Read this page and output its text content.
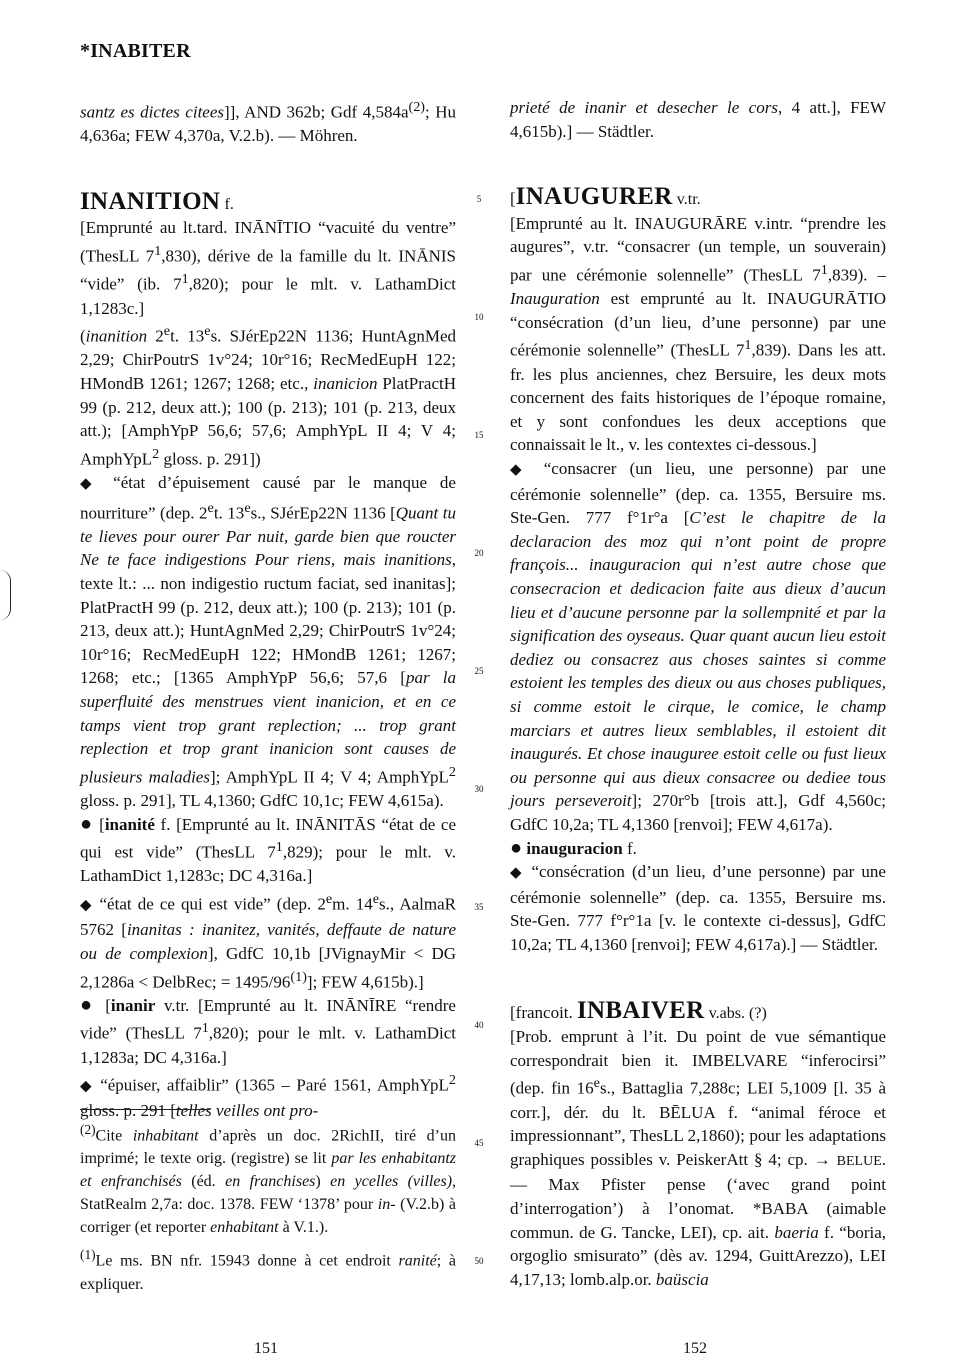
*INABITER

santz es dictes citees]], AND 362b; Gdf $4,584a^{(2)}$; Hu 4,636a; FEW 4,370a, V.2.b). — Möhren.

INANITION f.

[Emprunté au lt.tard. INĀNĪTIO “vacuité du ventre” (ThesLL $7^1,830$), dérive de la famille du lt. INĀNIS “vide” (ib. $7^1,820$); pour le mlt. v. LathamDict 1,1283c.]

(inanition 2et. 13es. SJérEp22N 1136; HuntAgnMed 2,29; ChirPoutrS 1v°24; 10r°16; RecMedEupH 122; HMondB 1261; 1267; 1268; etc., inanicion PlatPractH 99 (p. 212, deux att.); 100 (p. 213); 101 (p. 213, deux att.); [AmphYpP 56,6; 57,6; AmphYpL II 4; V 4; AmphYpL$^2$ gloss. p. 291])

◆ “état d’épuisement causé par le manque de nourriture” (dep. 2et. 13es., SJérEp22N 1136 [Quant tu te lieves pour ourer Par nuit, garde bien que roucter Ne te face indigestions Pour riens, mais inanitions, texte lt.: ... non indigestio ructum faciat, sed inanitas]; PlatPractH 99 (p. 212, deux att.); 100 (p. 213); 101 (p. 213, deux att.); HuntAgnMed 2,29; ChirPoutrS 1v°24; 10r°16; RecMedEupH 122; HMondB 1261; 1267; 1268; etc.; [1365 AmphYpP 56,6; 57,6 [par la superfluité des menstrues vient inanicion, et en ce tamps vient trop grant replection; ... trop grant replection et trop grant inanicion sont causes de plusieurs maladies]; AmphYpL II 4; V 4; AmphYpL$^2$ gloss. p. 291], TL 4,1360; GdfC 10,1c; FEW 4,615a).

● [inanité f. [Emprunté au lt. INĀNITĀS “état de ce qui est vide” (ThesLL $7^1,829$); pour le mlt. v. LathamDict 1,1283c; DC 4,316a.]

◆ “état de ce qui est vide” (dep. 2em. 14es., AalmaR 5762 [inanitas : inanitez, vanités, deffaute de nature ou de complexion], GdfC 10,1b [JVignayMir < DG 2,1286a < DelbRec; = $1495/96^{(1)}$]; FEW 4,615b).]

● [inanir v.tr. [Emprunté au lt. INĀNĪRE “rendre vide” (ThesLL $7^1,820$); pour le mlt. v. LathamDict 1,1283a; DC 4,316a.]

◆ “épuiser, affaiblir” (1365 – Paré 1561, AmphYpL$^2$ gloss. p. 291 [telles veilles ont pro-

$^{(2)}$Cite inhabitant d’après un doc. 2RichII, tiré d’un imprimé; le texte orig. (registre) se lit par les enhabitantz et enfranchisés (éd. en franchises) en ycelles (villes), StatRealm 2,7a: doc. 1378. FEW ‘1378’ pour in- (V.2.b) à corriger (et reporter enhabitant à V.1.).

$^{(1)}$Le ms. BN nfr. 15943 donne à cet endroit ranité; à expliquer.

prieté de inanir et desecher le cors, 4 att.], FEW 4,615b).] — Städtler.

[INAUGURER v.tr.

[Emprunté au lt. INAUGURĀRE v.intr. “prendre les augures”, v.tr. “consacrer (un temple, un souverain) par une cérémonie solennelle” (ThesLL $7^1,839$). – Inauguration est emprunté au lt. INAUGURĀTIO “consécration (d’un lieu, d’une personne) par une cérémonie solennelle” (ThesLL $7^1,839$). Dans les att. fr. les plus anciennes, chez Bersuire, les deux mots concernent des faits historiques de l’époque romaine, et y sont confondues les deux acceptions que connaissait le lt., v. les contextes ci-dessous.]

◆ “consacrer (un lieu, une personne) par une cérémonie solennelle” (dep. ca. 1355, Bersuire ms. Ste-Gen. 777 f°1r°a [C’est le chapitre de la declaracion des moz qui n’ont point de propre françois... inauguracion qui n’est autre chose que consecracion et dedicacion faite aus dieux d’aucun lieu et d’aucune personne par la sollempnité et par la signification des oyseaus. Quar quant aucun lieu estoit dediez ou consacrez aus choses saintes si comme estoient les temples des dieux ou aus choses publiques, si comme estoit le cirque, le comice, le champ marciars et autres lieux semblables, il estoient dit inaugurés. Et chose inauguree estoit celle ou fust lieux ou personne qui aus dieux consacree ou dediee tous jours perseveroit]; 270r°b [trois att.], Gdf 4,560c; GdfC 10,2a; TL 4,1360 [renvoi]; FEW 4,617a).

● inauguracion f.

◆ “consécration (d’un lieu, d’une personne) par une cérémonie solennelle” (dep. ca. 1355, Bersuire ms. Ste-Gen. 777 f°r°1a [v. le contexte ci-dessus], GdfC 10,2a; TL 4,1360 [renvoi]; FEW 4,617a).] — Städtler.

[francoit. INBAIVER v.abs. (?)

[Prob. emprunt à l’it. Du point de vue sémantique correspondrait bien it. IMBELVARE “inferocirsi” (dep. fin 16es., Battaglia 7,288c; LEI 5,1009 [l. 35 à corr.], dér. du lt. BĒLUA f. “animal féroce et impressionnant”, ThesLL 2,1860); pour les adaptations graphiques possibles v. PeiskerAtt § 4; cp. → BELUE. — Max Pfister pense (‘avec grand point d’interrogation’) à l’onomat. *BABA (aimable commun. de G. Tancke, LEI), cp. ait. baeria f. “boria, orgoglio smisurato” (dès av. 1294, GuittArezzo), LEI 4,17,13; lomb.alp.or. baüscia

5
10
15
20
25
30
35
40
45
50
151	152
